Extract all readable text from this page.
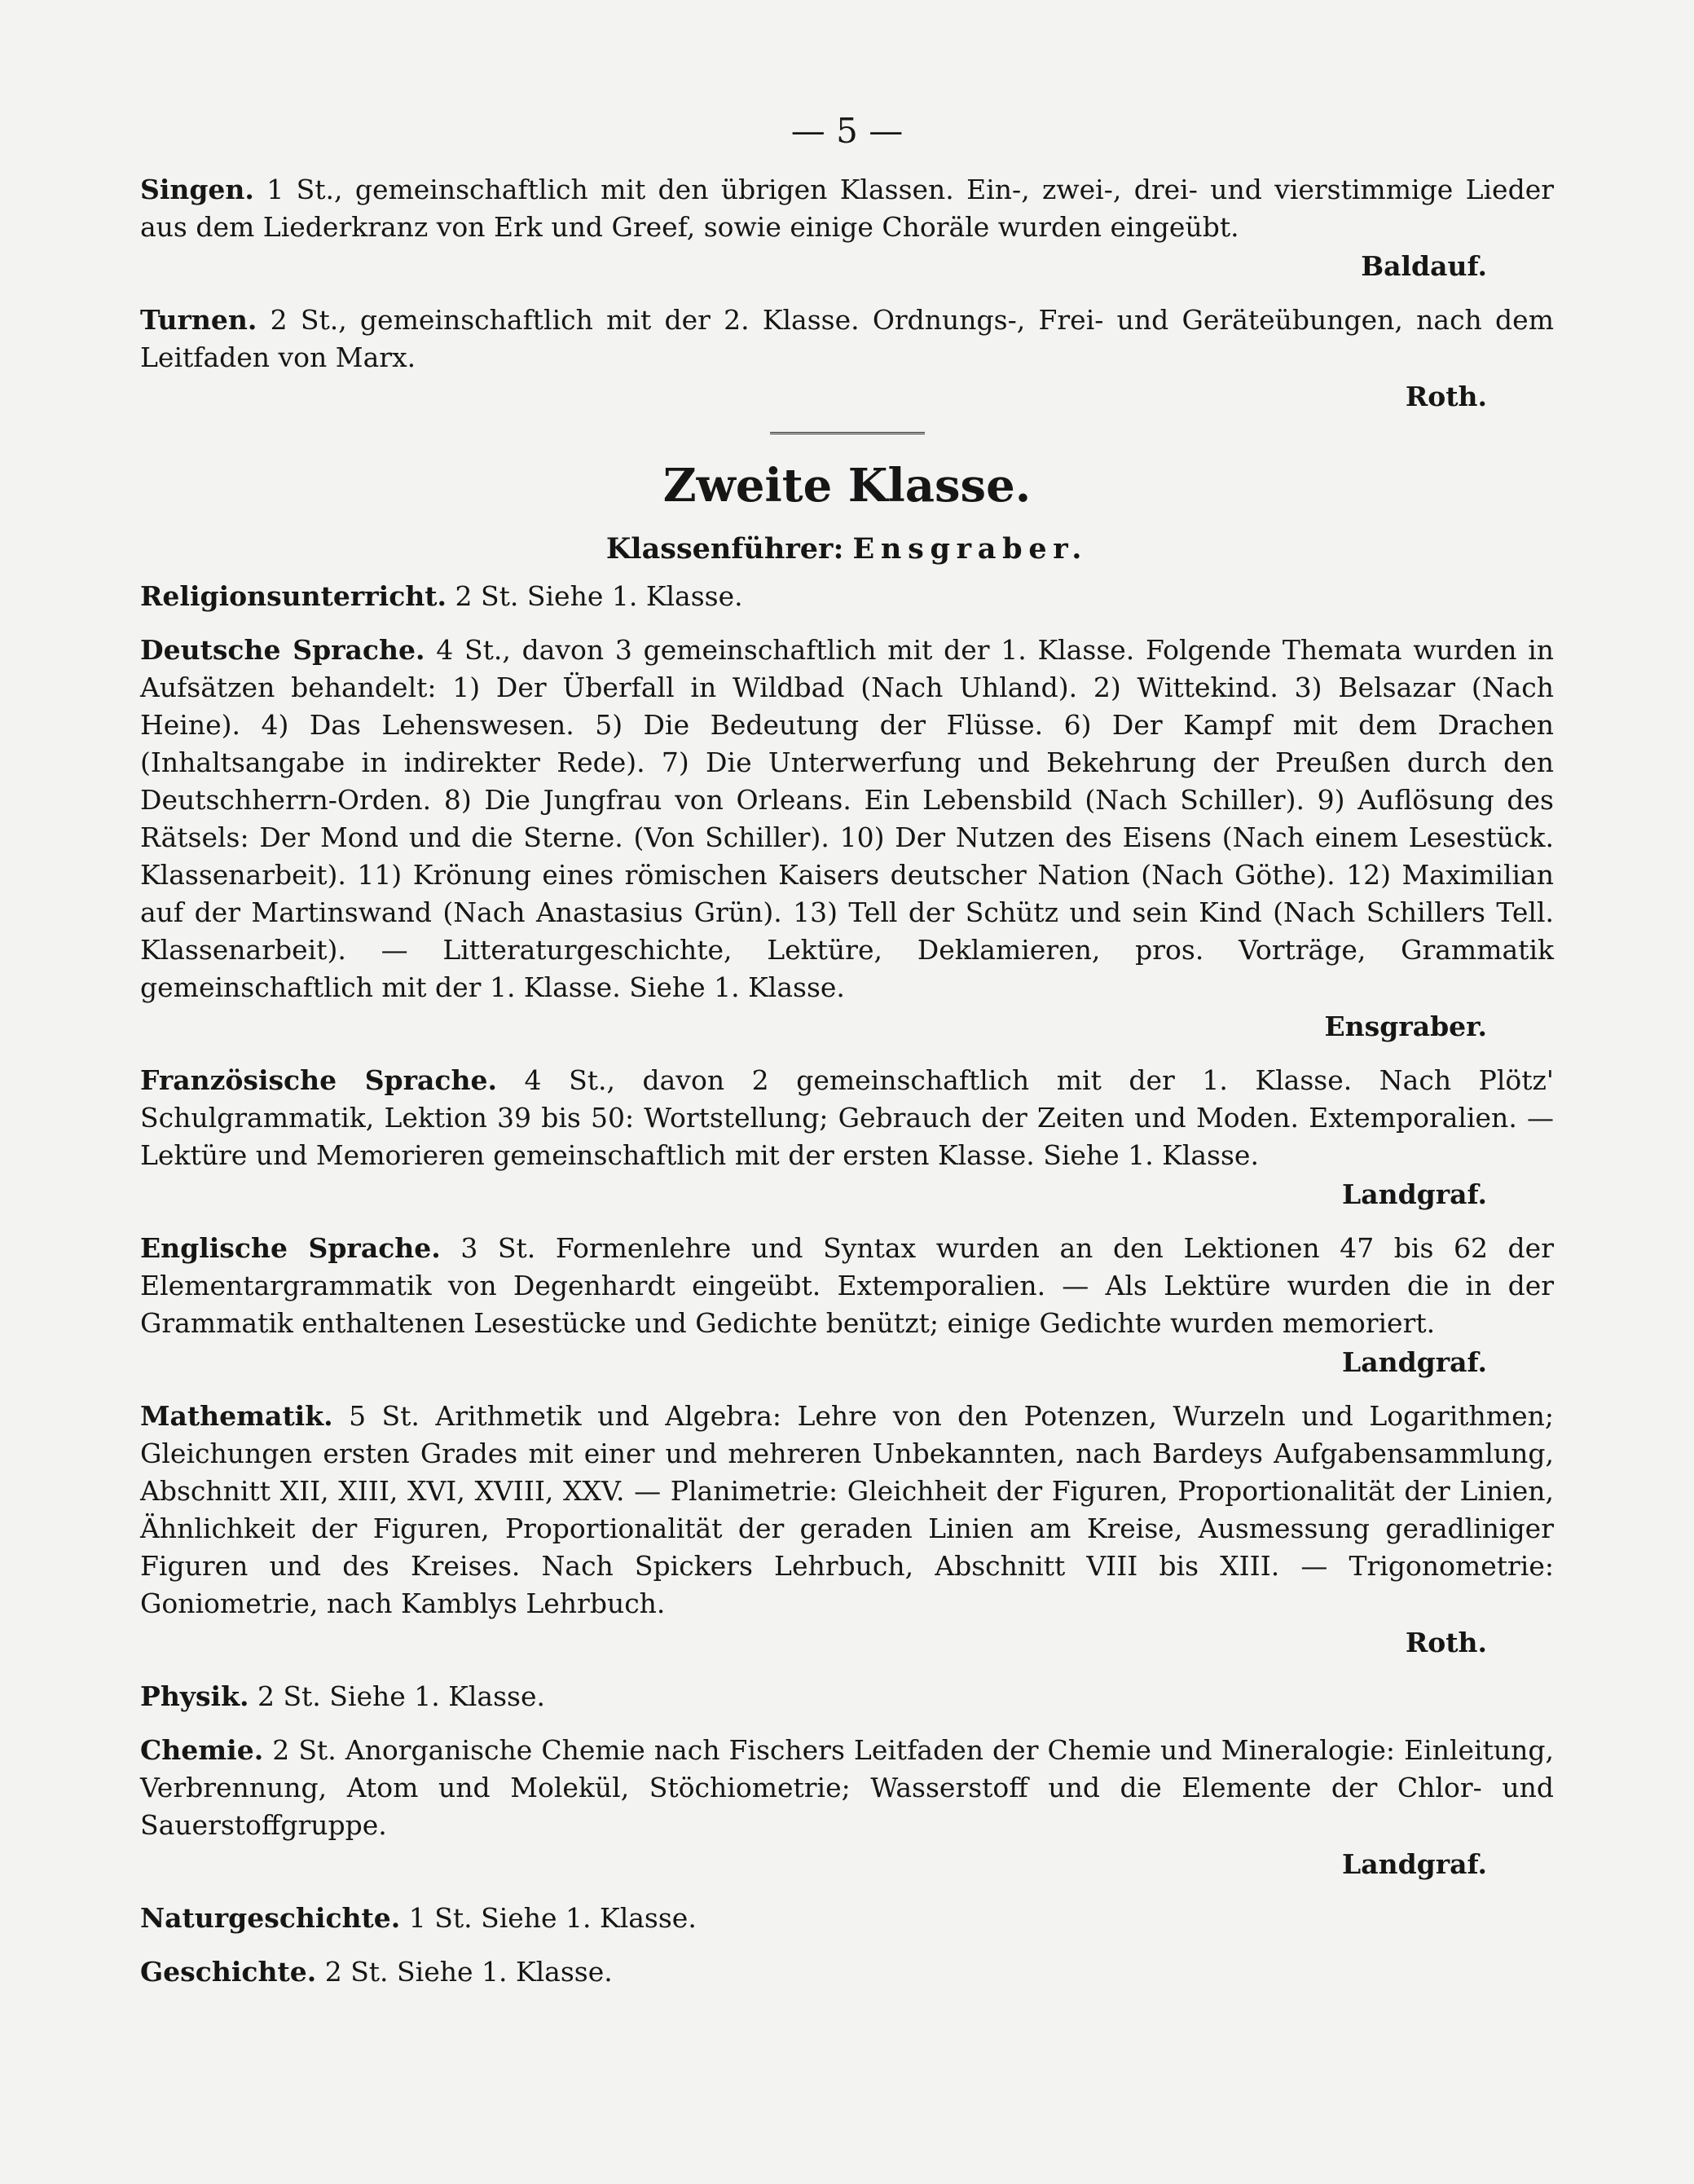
— 5 —
Singen. 1 St., gemeinschaftlich mit den übrigen Klassen. Ein-, zwei-, drei- und vierstimmige Lieder aus dem Liederkranz von Erk und Greef, sowie einige Choräle wurden eingeübt.
Baldauf.
Turnen. 2 St., gemeinschaftlich mit der 2. Klasse. Ordnungs-, Frei- und Geräteübungen, nach dem Leitfaden von Marx.
Roth.
Zweite Klasse.
Klassenführer: Ensgraber.
Religionsunterricht. 2 St. Siehe 1. Klasse.
Deutsche Sprache. 4 St., davon 3 gemeinschaftlich mit der 1. Klasse. Folgende Themata wurden in Aufsätzen behandelt: 1) Der Überfall in Wildbad (Nach Uhland). 2) Wittekind. 3) Belsazar (Nach Heine). 4) Das Lehenswesen. 5) Die Bedeutung der Flüsse. 6) Der Kampf mit dem Drachen (Inhaltsangabe in indirekter Rede). 7) Die Unterwerfung und Bekehrung der Preußen durch den Deutschherrn-Orden. 8) Die Jungfrau von Orleans. Ein Lebensbild (Nach Schiller). 9) Auflösung des Rätsels: Der Mond und die Sterne. (Von Schiller). 10) Der Nutzen des Eisens (Nach einem Lesestück. Klassenarbeit). 11) Krönung eines römischen Kaisers deutscher Nation (Nach Göthe). 12) Maximilian auf der Martinswand (Nach Anastasius Grün). 13) Tell der Schütz und sein Kind (Nach Schillers Tell. Klassenarbeit). — Litteraturgeschichte, Lektüre, Deklamieren, pros. Vorträge, Grammatik gemeinschaftlich mit der 1. Klasse. Siehe 1. Klasse.
Ensgraber.
Französische Sprache. 4 St., davon 2 gemeinschaftlich mit der 1. Klasse. Nach Plötz' Schulgrammatik, Lektion 39 bis 50: Wortstellung; Gebrauch der Zeiten und Moden. Extemporalien. — Lektüre und Memorieren gemeinschaftlich mit der ersten Klasse. Siehe 1. Klasse.
Landgraf.
Englische Sprache. 3 St. Formenlehre und Syntax wurden an den Lektionen 47 bis 62 der Elementargrammatik von Degenhardt eingeübt. Extemporalien. — Als Lektüre wurden die in der Grammatik enthaltenen Lesestücke und Gedichte benützt; einige Gedichte wurden memoriert.
Landgraf.
Mathematik. 5 St. Arithmetik und Algebra: Lehre von den Potenzen, Wurzeln und Logarithmen; Gleichungen ersten Grades mit einer und mehreren Unbekannten, nach Bardeys Aufgabensammlung, Abschnitt XII, XIII, XVI, XVIII, XXV. — Planimetrie: Gleichheit der Figuren, Proportionalität der Linien, Ähnlichkeit der Figuren, Proportionalität der geraden Linien am Kreise, Ausmessung geradliniger Figuren und des Kreises. Nach Spickers Lehrbuch, Abschnitt VIII bis XIII. — Trigonometrie: Goniometrie, nach Kamblys Lehrbuch.
Roth.
Physik. 2 St. Siehe 1. Klasse.
Chemie. 2 St. Anorganische Chemie nach Fischers Leitfaden der Chemie und Mineralogie: Einleitung, Verbrennung, Atom und Molekül, Stöchiometrie; Wasserstoff und die Elemente der Chlor- und Sauerstoffgruppe.
Landgraf.
Naturgeschichte. 1 St. Siehe 1. Klasse.
Geschichte. 2 St. Siehe 1. Klasse.
